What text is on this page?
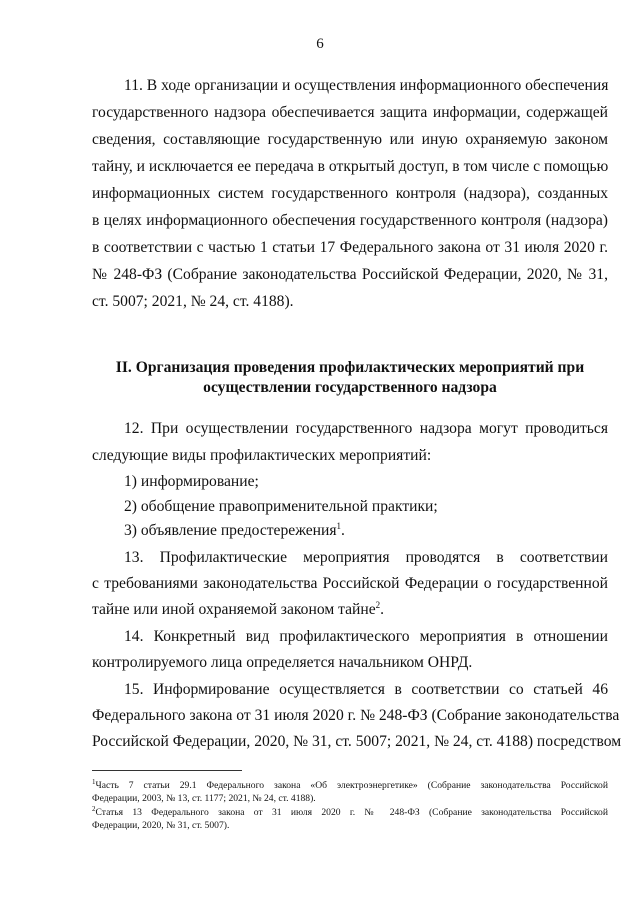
6
11. В ходе организации и осуществления информационного обеспечения
государственного надзора обеспечивается защита информации, содержащей
сведения, составляющие государственную или иную охраняемую законом
тайну, и исключается ее передача в открытый доступ, в том числе с помощью
информационных систем государственного контроля (надзора), созданных
в целях информационного обеспечения государственного контроля (надзора)
в соответствии с частью 1 статьи 17 Федерального закона от 31 июля 2020 г.
№ 248-ФЗ (Собрание законодательства Российской Федерации, 2020, № 31,
ст. 5007; 2021, № 24, ст. 4188).
II. Организация проведения профилактических мероприятий при
осуществлении государственного надзора
12. При осуществлении государственного надзора могут проводиться
следующие виды профилактических мероприятий:
1) информирование;
2) обобщение правоприменительной практики;
3) объявление предостережения$^1$.
13. Профилактические мероприятия проводятся в соответствии
с требованиями законодательства Российской Федерации о государственной
тайне или иной охраняемой законом тайне$^2$.
14. Конкретный вид профилактического мероприятия в отношении
контролируемого лица определяется начальником ОНРД.
15. Информирование осуществляется в соответствии со статьей 46
Федерального закона от 31 июля 2020 г. № 248-ФЗ (Собрание законодательства
Российской Федерации, 2020, № 31, ст. 5007; 2021, № 24, ст. 4188) посредством
$^1$Часть 7 статьи 29.1 Федерального закона «Об электроэнергетике» (Собрание законодательства Российской
Федерации, 2003, № 13, ст. 1177; 2021, № 24, ст. 4188).
$^2$Статья 13 Федерального закона от 31 июля 2020 г. № 248-ФЗ (Собрание законодательства Российской
Федерации, 2020, № 31, ст. 5007).
